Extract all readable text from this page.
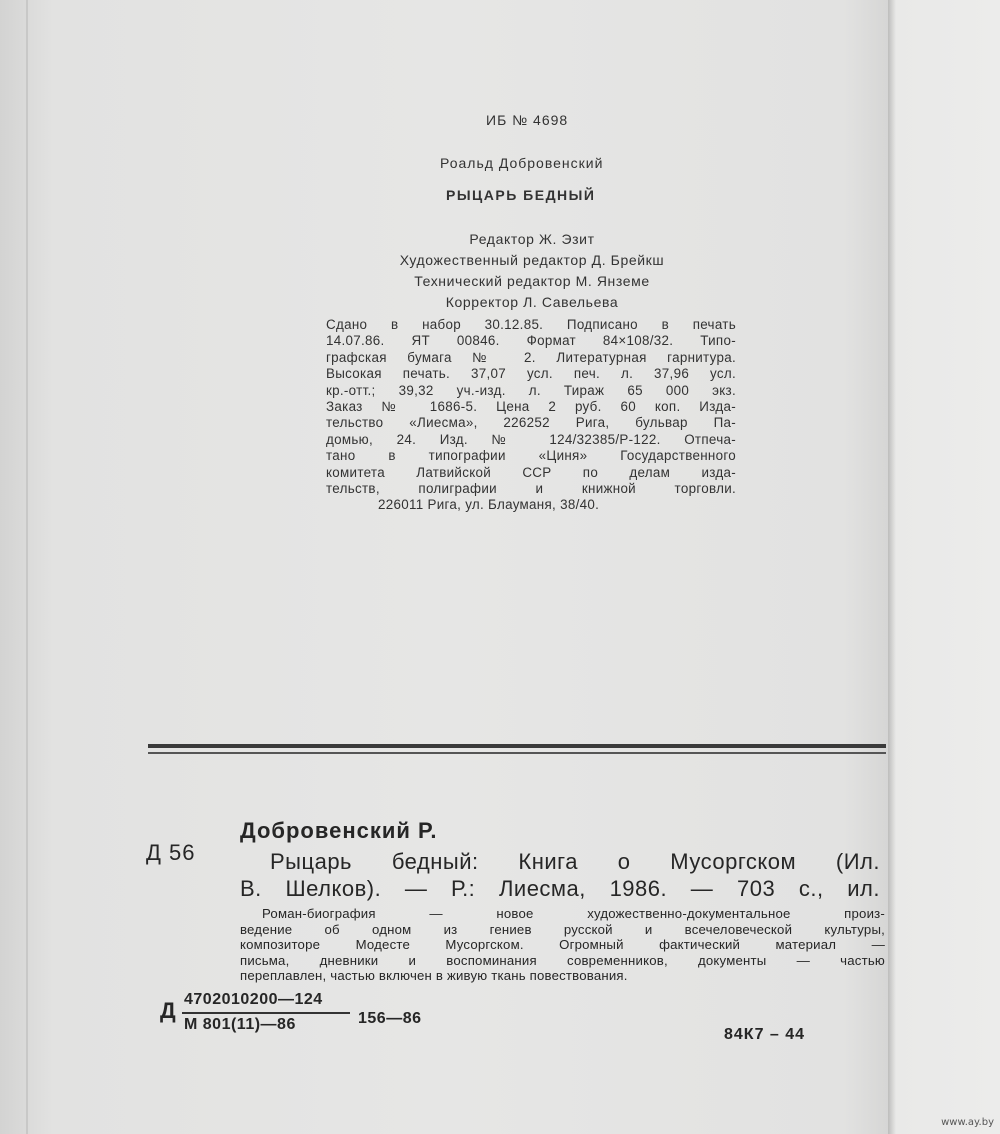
ИБ № 4698
Роальд Добровенский
РЫЦАРЬ БЕДНЫЙ
Редактор Ж. Эзит
Художественный редактор Д. Брейкш
Технический редактор М. Янземе
Корректор Л. Савельева
Сдано в набор 30.12.85. Подписано в печать
14.07.86. ЯТ 00846. Формат 84×108/32. Типо-
графская бумага № 2. Литературная гарнитура.
Высокая печать. 37,07 усл. печ. л. 37,96 усл.
кр.-отт.; 39,32 уч.-изд. л. Тираж 65 000 экз.
Заказ № 1686-5. Цена 2 руб. 60 коп. Изда-
тельство «Лиесма», 226252 Рига, бульвар Па-
домью, 24. Изд. № 124/32385/Р-122. Отпеча-
тано в типографии «Циня» Государственного
комитета Латвийской ССР по делам изда-
тельств, полиграфии и книжной торговли.
226011 Рига, ул. Блауманя, 38/40.
Добровенский Р.
Д 56	Рыцарь бедный: Книга о Мусоргском (Ил.
В. Шелков). — Р.: Лиесма, 1986. — 703 с., ил.
Роман-биография — новое художественно-документальное произ-
ведение об одном из гениев русской и всечеловеческой культуры,
композиторе Модесте Мусоргском. Огромный фактический материал —
письма, дневники и воспоминания современников, документы — частью
переплавлен, частью включен в живую ткань повествования.
Д 4702010200—124
М 801(11)—86	156—86
84К7 – 44
www.ay.by
